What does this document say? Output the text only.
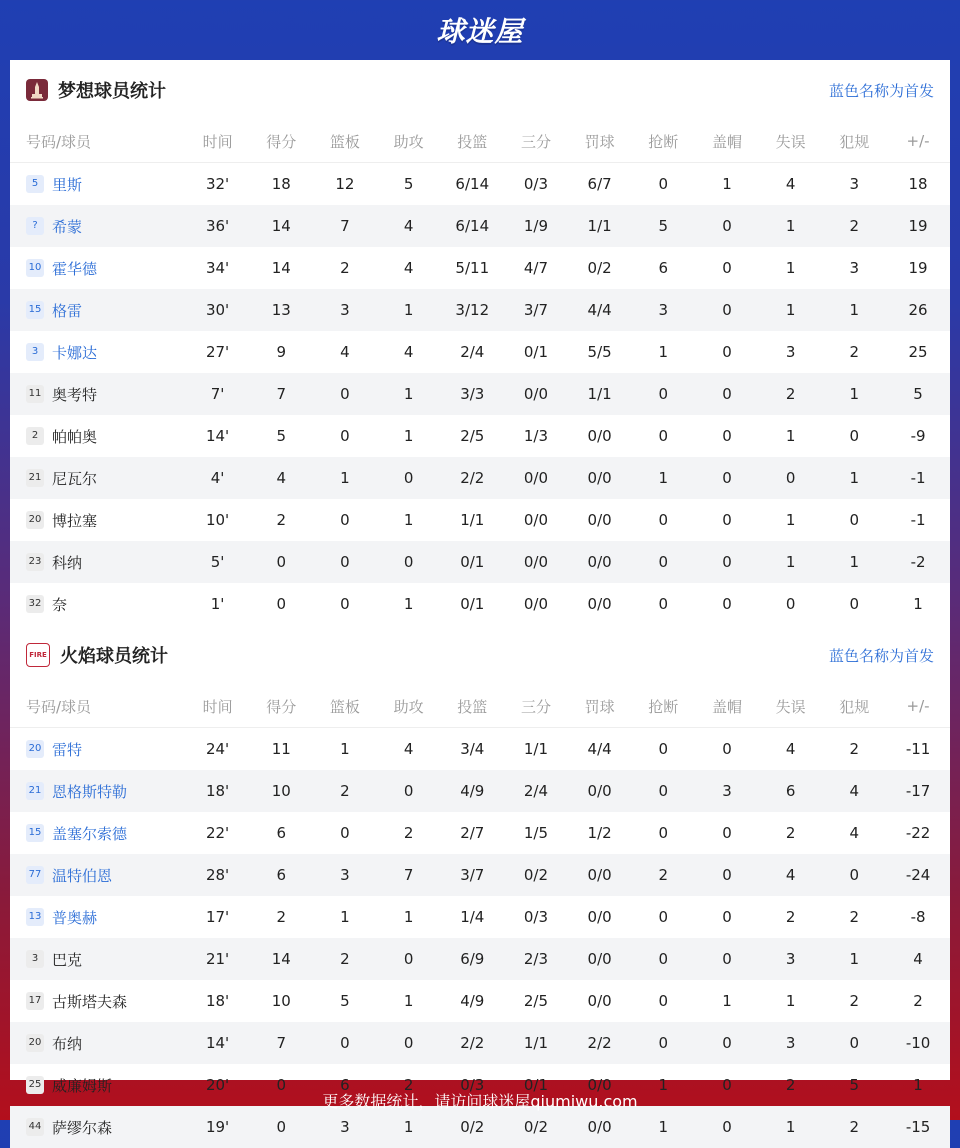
球迷屋
梦想球员统计	蓝色名称为首发
号码/球员	时间	得分	篮板	助攻	投篮	三分	罚球	抢断	盖帽	失误	犯规	+/-
5 里斯	32'	18	12	5	6/14	0/3	6/7	0	1	4	3	18
? 希蒙	36'	14	7	4	6/14	1/9	1/1	5	0	1	2	19
10 霍华德	34'	14	2	4	5/11	4/7	0/2	6	0	1	3	19
15 格雷	30'	13	3	1	3/12	3/7	4/4	3	0	1	1	26
3 卡娜达	27'	9	4	4	2/4	0/1	5/5	1	0	3	2	25
11 奥考特	7'	7	0	1	3/3	0/0	1/1	0	0	2	1	5
2 帕帕奥	14'	5	0	1	2/5	1/3	0/0	0	0	1	0	-9
21 尼瓦尔	4'	4	1	0	2/2	0/0	0/0	1	0	0	1	-1
20 博拉塞	10'	2	0	1	1/1	0/0	0/0	0	0	1	0	-1
23 科纳	5'	0	0	0	0/1	0/0	0/0	0	0	1	1	-2
32 奈	1'	0	0	1	0/1	0/0	0/0	0	0	0	0	1
FIRE 火焰球员统计	蓝色名称为首发
号码/球员	时间	得分	篮板	助攻	投篮	三分	罚球	抢断	盖帽	失误	犯规	+/-
20 雷特	24'	11	1	4	3/4	1/1	4/4	0	0	4	2	-11
21 恩格斯特勒	18'	10	2	0	4/9	2/4	0/0	0	3	6	4	-17
15 盖塞尔索德	22'	6	0	2	2/7	1/5	1/2	0	0	2	4	-22
77 温特伯恩	28'	6	3	7	3/7	0/2	0/0	2	0	4	0	-24
13 普奥赫	17'	2	1	1	1/4	0/3	0/0	0	0	2	2	-8
3 巴克	21'	14	2	0	6/9	2/3	0/0	0	0	3	1	4
17 古斯塔夫森	18'	10	5	1	4/9	2/5	0/0	0	1	1	2	2
20 布纳	14'	7	0	0	2/2	1/1	2/2	0	0	3	0	-10
25 威廉姆斯	20'	0	6	2	0/3	0/1	0/0	1	0	2	5	1
44 萨缪尔森	19'	0	3	1	0/2	0/2	0/0	1	0	1	2	-15
更多数据统计，请访问球迷屋qiumiwu.com
